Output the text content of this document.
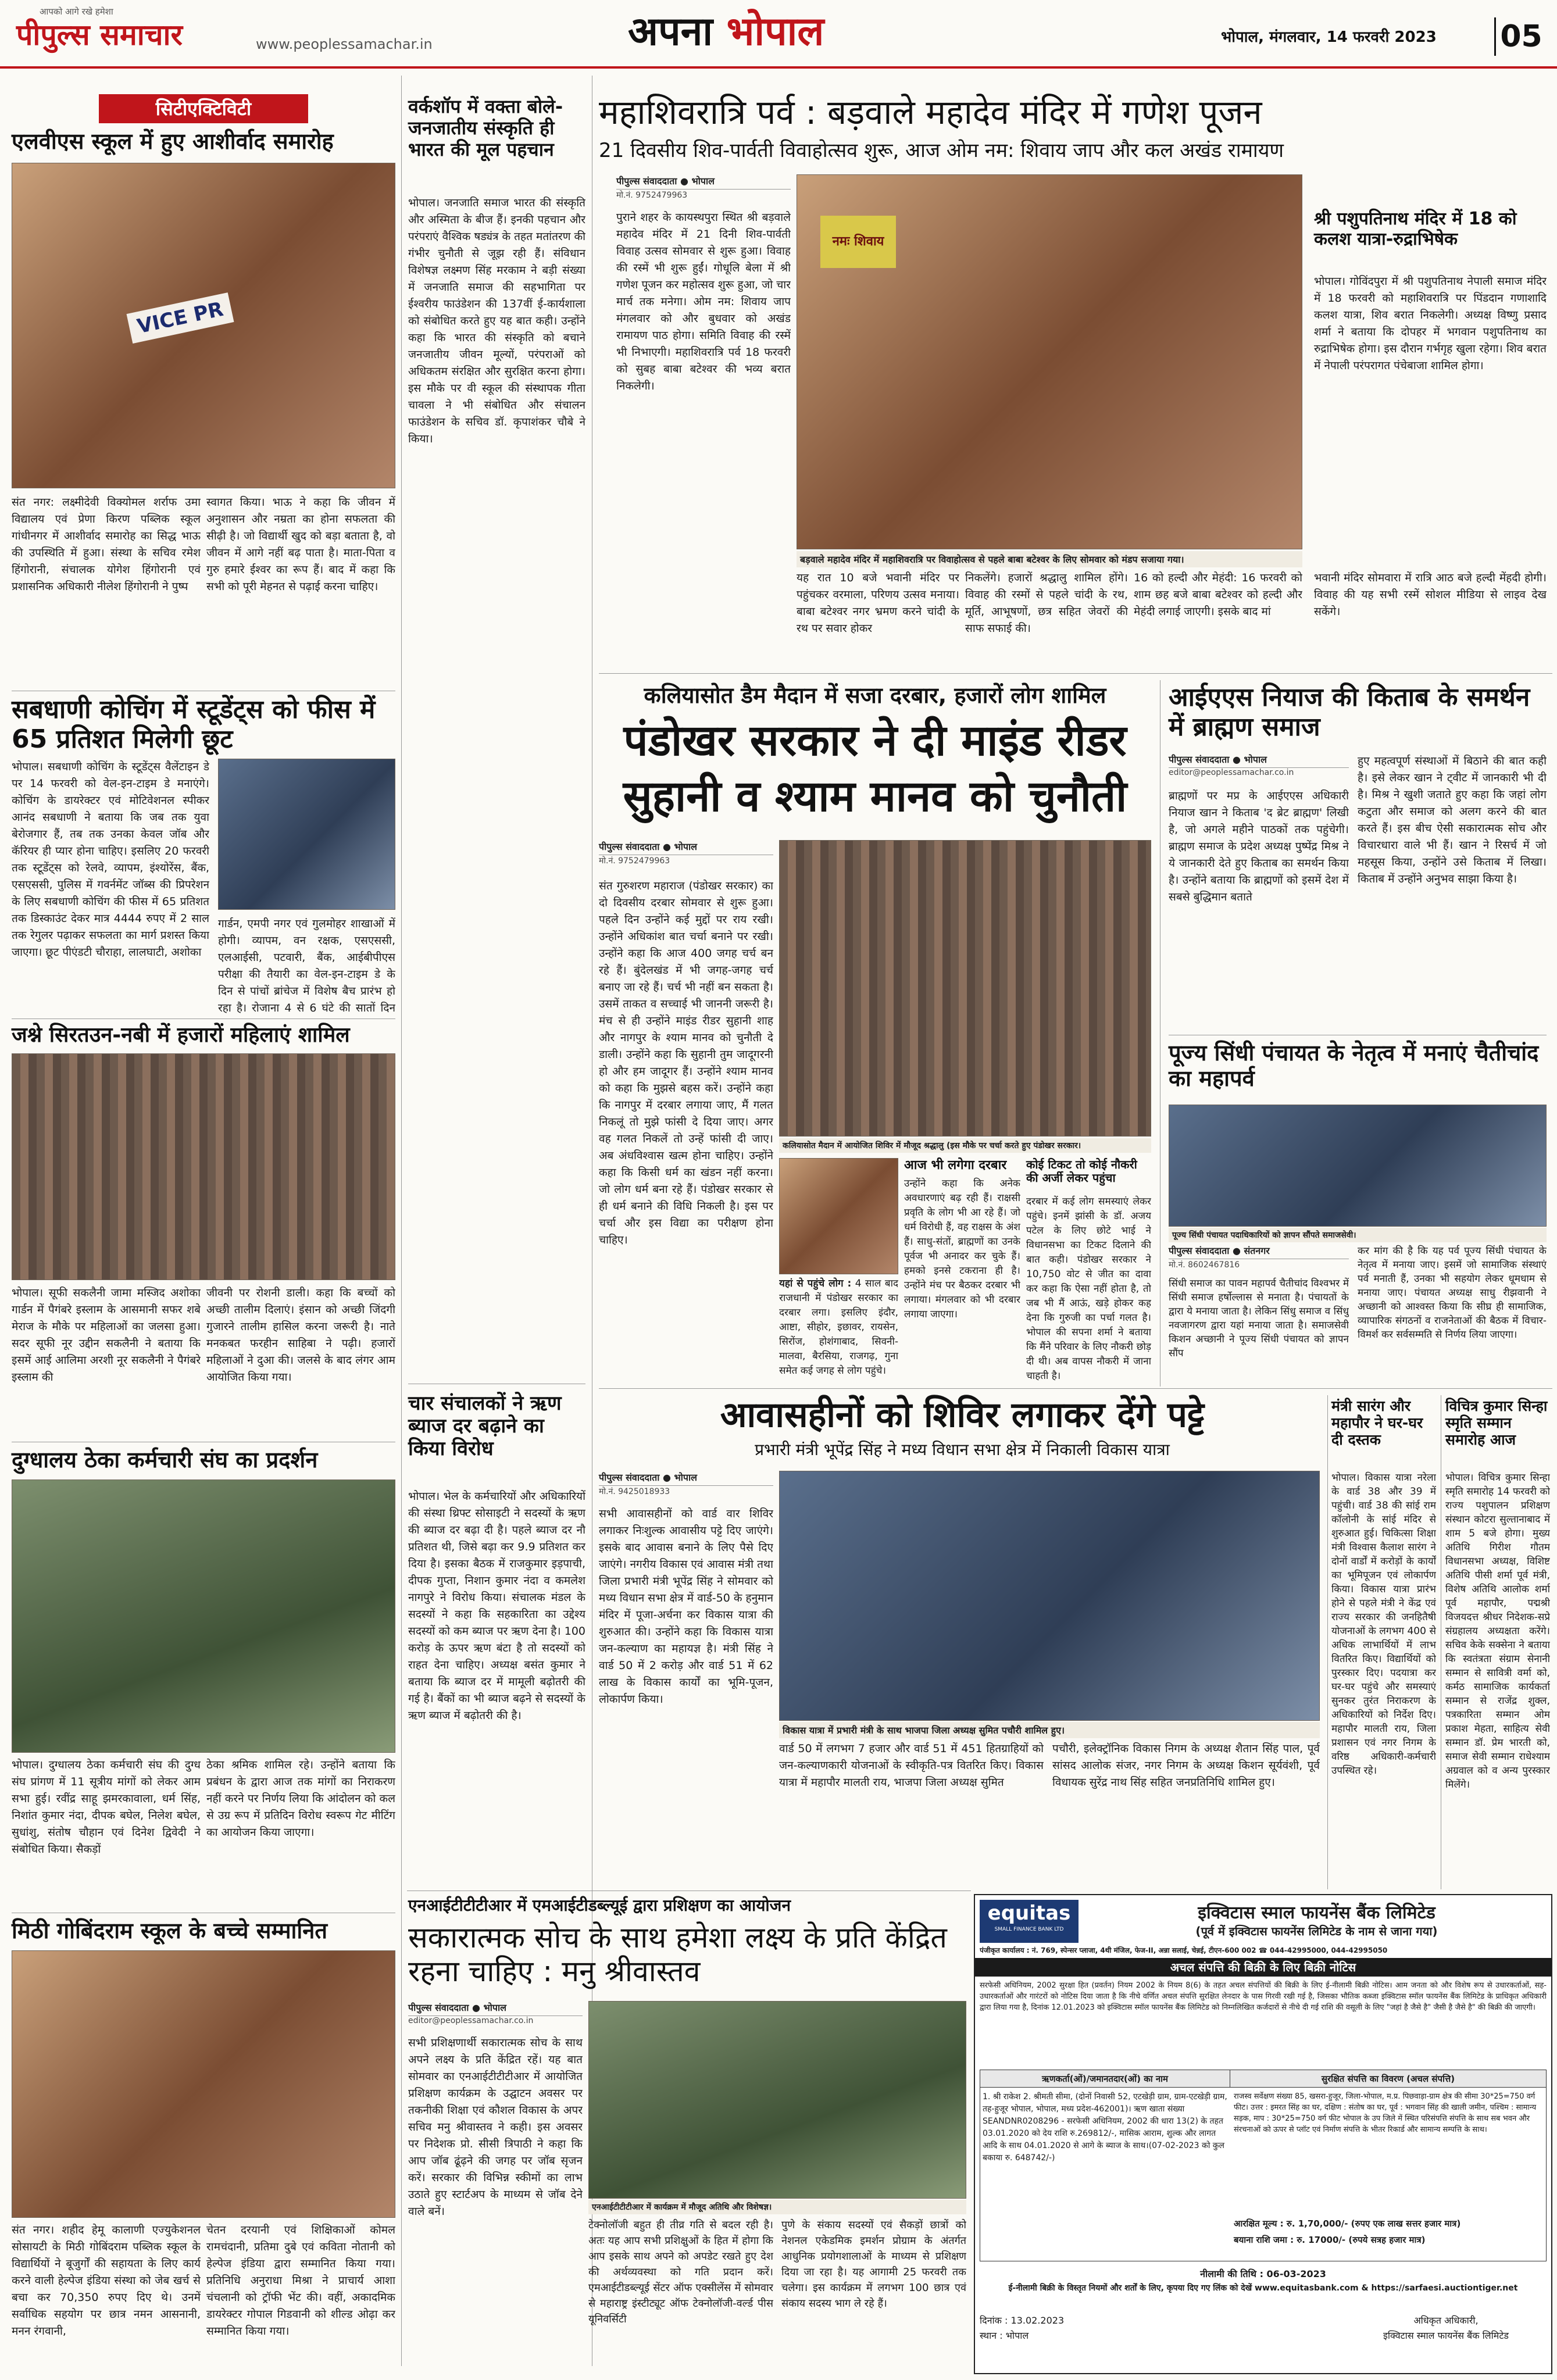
आपको आगे रखे हमेशा
पीपुल्स समाचार	www.peoplessamachar.in	अपना भोपाल	भोपाल, मंगलवार, 14 फरवरी 2023 05
सिटीएक्टिविटी
एलवीएस स्कूल में हुए आशीर्वाद समारोह
VICE PR

संत नगर: लक्ष्मीदेवी विक्योमल शर्राफ उमा विद्यालय एवं प्रेणा किरण पब्लिक स्कूल गांधीनगर में आशीर्वाद समारोह का सिद्ध भाऊ की उपस्थिति में हुआ। संस्था के सचिव रमेश हिंगोरानी, संचालक योगेश हिंगोरानी एवं प्रशासनिक अधिकारी नीलेश हिंगोरानी ने पुष्प

स्वागत किया। भाऊ ने कहा कि जीवन में अनुशासन और नम्रता का होना सफलता की सीढ़ी है। जो विद्यार्थी खुद को बड़ा बताता है, वो जीवन में आगे नहीं बढ़ पाता है। माता-पिता व गुरु हमारे ईश्वर का रूप हैं। बाद में कहा कि सभी को पूरी मेहनत से पढ़ाई करना चाहिए।

सबधाणी कोचिंग में स्टूडेंट्स को फीस में 65 प्रतिशत मिलेगी छूट

भोपाल। सबधाणी कोचिंग के स्टूडेंट्स वैलेंटाइन डे पर 14 फरवरी को वेल-इन-टाइम डे मनाएंगे। कोचिंग के डायरेक्टर एवं मोटिवेशनल स्पीकर आनंद सबधाणी ने बताया कि जब तक युवा बेरोजगार हैं, तब तक उनका केवल जॉब और कॅरियर ही प्यार होना चाहिए। इसलिए 20 फरवरी तक स्टूडेंट्स को रेलवे, व्यापम, इंश्योरेंस, बैंक, एसएससी, पुलिस में गवर्नमेंट जॉब्स की प्रिपरेशन के लिए सबधाणी कोचिंग की फीस में 65 प्रतिशत तक डिस्काउंट देकर मात्र 4444 रुपए में 2 साल तक रेगुलर पढ़ाकर सफलता का मार्ग प्रशस्त किया जाएगा। छूट पीएंडटी चौराहा, लालघाटी, अशोका

गार्डन, एमपी नगर एवं गुलमोहर शाखाओं में होगी। व्यापम, वन रक्षक, एसएससी, एलआईसी, पटवारी, बैंक, आईबीपीएस परीक्षा की तैयारी का वेल-इन-टाइम डे के दिन से पांचों ब्रांचेज में विशेष बैच प्रारंभ हो रहा है। रोजाना 4 से 6 घंटे की सातों दिन

जश्ने सिरतउन-नबी में हजारों महिलाएं शामिल

भोपाल। सूफी सकलैनी जामा मस्जिद अशोका गार्डन में पैगंबरे इस्लाम के आसमानी सफर शबे मेराज के मौके पर महिलाओं का जलसा हुआ। सदर सूफी नूर उद्दीन सकलैनी ने बताया कि इसमें आई आलिमा अरशी नूर सकलैनी ने पैगंबरे इस्लाम की

जीवनी पर रोशनी डाली। कहा कि बच्चों को अच्छी तालीम दिलाएं। इंसान को अच्छी जिंदगी गुजारने तालीम हासिल करना जरूरी है। नाते मनकबत फरहीन साहिबा ने पढ़ी। हजारों महिलाओं ने दुआ की। जलसे के बाद लंगर आम आयोजित किया गया।

दुग्धालय ठेका कर्मचारी संघ का प्रदर्शन

भोपाल। दुग्धालय ठेका कर्मचारी संघ की दुग्ध संघ प्रांगण में 11 सूत्रीय मांगों को लेकर आम सभा हुई। रवींद्र साहू झमरकावाला, धर्म सिंह, निशांत कुमार नंदा, दीपक बघेल, निलेश बघेल, सुधांशु, संतोष चौहान एवं दिनेश द्विवेदी ने संबोधित किया। सैकड़ों

ठेका श्रमिक शामिल रहे। उन्होंने बताया कि प्रबंधन के द्वारा आज तक मांगों का निराकरण नहीं करने पर निर्णय लिया कि आंदोलन को कल से उग्र रूप में प्रतिदिन विरोध स्वरूप गेट मीटिंग का आयोजन किया जाएगा।

मिठी गोबिंदराम स्कूल के बच्चे सम्मानित

संत नगर। शहीद हेमू कालाणी एज्युकेशनल सोसायटी के मिठी गोबिंदराम पब्लिक स्कूल के विद्यार्थियों ने बूजुर्गों की सहायता के लिए कार्य करने वाली हेल्पेज इंडिया संस्था को जेब खर्च से बचा कर 70,350 रुपए दिए थे। उनमें सर्वाधिक सहयोग पर छात्र नमन आसनानी, मनन रंगवानी,

चेतन दरयानी एवं शिक्षिकाओं कोमल रामचंदानी, प्रतिमा दुबे एवं कविता नोतानी को हेल्पेज इंडिया द्वारा सम्मानित किया गया। प्रतिनिधि अनुराधा मिश्रा ने प्राचार्य आशा चंचलानी को ट्रॉफी भेंट की। वहीं, अकादमिक डायरेक्टर गोपाल गिडवानी को शील्ड ओढ़ा कर सम्मानित किया गया।

वर्कशॉप में वक्ता बोले- जनजातीय संस्कृति ही भारत की मूल पहचान

भोपाल। जनजाति समाज भारत की संस्कृति और अस्मिता के बीज हैं। इनकी पहचान और परंपराएं वैश्विक षड्यंत्र के तहत मतांतरण की गंभीर चुनौती से जूझ रही हैं। संविधान विशेषज्ञ लक्ष्मण सिंह मरकाम ने बड़ी संख्या में जनजाति समाज की सहभागिता पर ईश्वरीय फाउंडेशन की 137वीं ई-कार्यशाला को संबोधित करते हुए यह बात कही। उन्होंने कहा कि भारत की संस्कृति को बचाने जनजातीय जीवन मूल्यों, परंपराओं को अधिकतम संरक्षित और सुरक्षित करना होगा। इस मौके पर वी स्कूल की संस्थापक गीता चावला ने भी संबोधित और संचालन फाउंडेशन के सचिव डॉ. कृपाशंकर चौबे ने किया।

चार संचालकों ने ऋण ब्याज दर बढ़ाने का किया विरोध

भोपाल। भेल के कर्मचारियों और अधिकारियों की संस्था थ्रिफ्ट सोसाइटी ने सदस्यों के ऋण की ब्याज दर बढ़ा दी है। पहले ब्याज दर नौ प्रतिशत थी, जिसे बढ़ा कर 9.9 प्रतिशत कर दिया है। इसका बैठक में राजकुमार इड़पाची, दीपक गुप्ता, निशान कुमार नंदा व कमलेश नागपुरे ने विरोध किया। संचालक मंडल के सदस्यों ने कहा कि सहकारिता का उद्देश्य सदस्यों को कम ब्याज पर ऋण देना है। 100 करोड़ के ऊपर ऋण बंटा है तो सदस्यों को राहत देना चाहिए। अध्यक्ष बसंत कुमार ने बताया कि ब्याज दर में मामूली बढ़ोतरी की गई है। बैंकों का भी ब्याज बढ़ने से सदस्यों के ऋण ब्याज में बढ़ोतरी की है।

महाशिवरात्रि पर्व : बड़वाले महादेव मंदिर में गणेश पूजन
21 दिवसीय शिव-पार्वती विवाहोत्सव शुरू, आज ओम नम: शिवाय जाप और कल अखंड रामायण
पीपुल्स संवाददाता ● भोपाल
मो.नं. 9752479963

पुराने शहर के कायस्थपुरा स्थित श्री बड़वाले महादेव मंदिर में 21 दिनी शिव-पार्वती विवाह उत्सव सोमवार से शुरू हुआ। विवाह की रस्में भी शुरू हुईं। गोधूलि बेला में श्री गणेश पूजन कर महोत्सव शुरू हुआ, जो चार मार्च तक मनेगा। ओम नम: शिवाय जाप मंगलवार को और बुधवार को अखंड रामायण पाठ होगा। समिति विवाह की रस्में भी निभाएगी। महाशिवरात्रि पर्व 18 फरवरी को सुबह बाबा बटेश्वर की भव्य बरात निकलेगी।

नमः शिवाय
बड़वाले महादेव मंदिर में महाशिवरात्रि पर विवाहोत्सव से पहले बाबा बटेश्वर के लिए सोमवार को मंडप सजाया गया।

यह रात 10 बजे भवानी मंदिर पर पहुंचकर वरमाला, परिणय उत्सव मनाया। बाबा बटेश्वर नगर भ्रमण करने चांदी के रथ पर सवार होकर

निकलेंगे। हजारों श्रद्धालु शामिल होंगे। विवाह की रस्मों से पहले चांदी के रथ, मूर्ति, आभूषणों, छत्र सहित जेवरों की साफ सफाई की।

16 को हल्दी और मेहंदी: 16 फरवरी को शाम छह बजे बाबा बटेश्वर को हल्दी और मेहंदी लगाई जाएगी। इसके बाद मां

श्री पशुपतिनाथ मंदिर में 18 को कलश यात्रा-रुद्राभिषेक

भोपाल। गोविंदपुरा में श्री पशुपतिनाथ नेपाली समाज मंदिर में 18 फरवरी को महाशिवरात्रि पर पिंडदान गणाशादि कलश यात्रा, शिव बरात निकलेगी। अध्यक्ष विष्णु प्रसाद शर्मा ने बताया कि दोपहर में भगवान पशुपतिनाथ का रुद्राभिषेक होगा। इस दौरान गर्भगृह खुला रहेगा। शिव बरात में नेपाली परंपरागत पंचेबाजा शामिल होगा।

भवानी मंदिर सोमवारा में रात्रि आठ बजे हल्दी मेंहदी होगी। विवाह की यह सभी रस्में सोशल मीडिया से लाइव देख सकेंगे।

कलियासोत डैम मैदान में सजा दरबार, हजारों लोग शामिल
पंडोखर सरकार ने दी माइंड रीडर
सुहानी व श्याम मानव को चुनौती
पीपुल्स संवाददाता ● भोपाल
मो.नं. 9752479963

संत गुरुशरण महाराज (पंडोखर सरकार) का दो दिवसीय दरबार सोमवार से शुरू हुआ। पहले दिन उन्होंने कई मुद्दों पर राय रखी। उन्होंने अधिकांश बात चर्चा बनाने पर रखी। उन्होंने कहा कि आज 400 जगह चर्च बन रहे हैं। बुंदेलखंड में भी जगह-जगह चर्च बनाए जा रहे हैं। चर्च भी नहीं बन सकता है। उसमें ताकत व सच्चाई भी जाननी जरूरी है। मंच से ही उन्होंने माइंड रीडर सुहानी शाह और नागपुर के श्याम मानव को चुनौती दे डाली। उन्होंने कहा कि सुहानी तुम जादूगरनी हो और हम जादूगर हैं। उन्होंने श्याम मानव को कहा कि मुझसे बहस करें। उन्होंने कहा कि नागपुर में दरबार लगाया जाए, मैं गलत निकलूं तो मुझे फांसी दे दिया जाए। अगर वह गलत निकलें तो उन्हें फांसी दी जाए। अब अंधविश्वास खत्म होना चाहिए। उन्होंने कहा कि किसी धर्म का खंडन नहीं करना। जो लोग धर्म बना रहे हैं। पंडोखर सरकार से ही धर्म बनाने की विधि निकली है। इस पर चर्चा और इस विद्या का परीक्षण होना चाहिए।

कलियासोत मैदान में आयोजित शिविर में मौजूद श्रद्धालु (इस मौके पर चर्चा करते हुए पंडोखर सरकार।

यहां से पहुंचे लोग : 4 साल बाद राजधानी में पंडोखर सरकार का दरबार लगा। इसलिए इंदौर, आष्टा, सीहोर, इछावर, रायसेन, सिरोंज, होशंगाबाद, सिवनी-मालवा, बैरसिया, राजगढ़, गुना समेत कई जगह से लोग पहुंचे।

आज भी लगेगा दरबार

उन्होंने कहा कि अनेक अवधारणाएं बढ़ रही हैं। राक्षसी प्रवृति के लोग भी आ रहे हैं। जो धर्म विरोधी हैं, वह राक्षस के अंश हैं। साधु-संतों, ब्राह्मणों का उनके पूर्वज भी अनादर कर चुके हैं। हमको इनसे टकराना ही है। उन्होंने मंच पर बैठकर दरबार भी लगाया। मंगलवार को भी दरबार लगाया जाएगा।

कोई टिकट तो कोई नौकरी की अर्जी लेकर पहुंचा

दरबार में कई लोग समस्याएं लेकर पहुंचे। इनमें झांसी के डॉ. अजय पटेल के लिए छोटे भाई ने विधानसभा का टिकट दिलाने की बात कही। पंडोखर सरकार ने 10,750 वोट से जीत का दावा कर कहा कि ऐसा नहीं होता है, तो जब भी मैं आऊं, खड़े होकर कह देना कि गुरुजी का पर्चा गलत है। भोपाल की सपना शर्मा ने बताया कि मैंने परिवार के लिए नौकरी छोड़ दी थी। अब वापस नौकरी में जाना चाहती है।

आईएएस नियाज की किताब के समर्थन में ब्राह्मण समाज
पीपुल्स संवाददाता ● भोपाल
editor@peoplessamachar.co.in

ब्राह्मणों पर मप्र के आईएएस अधिकारी नियाज खान ने किताब 'द ब्रेट ब्राह्मण' लिखी है, जो अगले महीने पाठकों तक पहुंचेगी। ब्राह्मण समाज के प्रदेश अध्यक्ष पुष्पेंद्र मिश्र ने ये जानकारी देते हुए किताब का समर्थन किया है। उन्होंने बताया कि ब्राह्मणों को इसमें देश में सबसे बुद्धिमान बताते

हुए महत्वपूर्ण संस्थाओं में बिठाने की बात कही है। इसे लेकर खान ने ट्वीट में जानकारी भी दी है। मिश्र ने खुशी जताते हुए कहा कि जहां लोग कटुता और समाज को अलग करने की बात करते हैं। इस बीच ऐसी सकारात्मक सोच और विचारधारा वाले भी हैं। खान ने रिसर्च में जो महसूस किया, उन्होंने उसे किताब में लिखा। किताब में उन्होंने अनुभव साझा किया है।

पूज्य सिंधी पंचायत के नेतृत्व में मनाएं चैतीचांद का महापर्व
पूज्य सिंधी पंचायत पदाधिकारियों को ज्ञापन सौंपते समाजसेवी।
पीपुल्स संवाददाता ● संतनगर
मो.नं. 8602467816

सिंधी समाज का पावन महापर्व चैतीचांद विश्वभर में सिंधी समाज हर्षोल्लास से मनाता है। पंचायतों के द्वारा ये मनाया जाता है। लेकिन सिंधु समाज व सिंधु नवजागरण द्वारा यहां मनाया जाता है। समाजसेवी किशन अच्छानी ने पूज्य सिंधी पंचायत को ज्ञापन सौंप

कर मांग की है कि यह पर्व पूज्य सिंधी पंचायत के नेतृत्व में मनाया जाए। इसमें जो सामाजिक संस्थाएं पर्व मनाती हैं, उनका भी सहयोग लेकर धूमधाम से मनाया जाए। पंचायत अध्यक्ष साधु रीझवानी ने अच्छानी को आश्वस्त किया कि सीघ्र ही सामाजिक, व्यापारिक संगठनों व राजनेताओं की बैठक में विचार-विमर्श कर सर्वसम्मति से निर्णय लिया जाएगा।

आवासहीनों को शिविर लगाकर देंगे पट्टे
प्रभारी मंत्री भूपेंद्र सिंह ने मध्य विधान सभा क्षेत्र में निकाली विकास यात्रा
पीपुल्स संवाददाता ● भोपाल
मो.नं. 9425018933

सभी आवासहीनों को वार्ड वार शिविर लगाकर निःशुल्क आवासीय पट्टे दिए जाएंगे। इसके बाद आवास बनाने के लिए पैसे दिए जाएंगे। नगरीय विकास एवं आवास मंत्री तथा जिला प्रभारी मंत्री भूपेंद्र सिंह ने सोमवार को मध्य विधान सभा क्षेत्र में वार्ड-50 के हनुमान मंदिर में पूजा-अर्चना कर विकास यात्रा की शुरुआत की। उन्होंने कहा कि विकास यात्रा जन-कल्याण का महायज्ञ है। मंत्री सिंह ने वार्ड 50 में 2 करोड़ और वार्ड 51 में 62 लाख के विकास कार्यों का भूमि-पूजन, लोकार्पण किया।

विकास यात्रा में प्रभारी मंत्री के साथ भाजपा जिला अध्यक्ष सुमित पचौरी शामिल हुए।

वार्ड 50 में लगभग 7 हजार और वार्ड 51 में 451 हितग्राहियों को जन-कल्याणकारी योजनाओं के स्वीकृति-पत्र वितरित किए। विकास यात्रा में महापौर मालती राय, भाजपा जिला अध्यक्ष सुमित

पचौरी, इलेक्ट्रॉनिक विकास निगम के अध्यक्ष शैतान सिंह पाल, पूर्व सांसद आलोक संजर, नगर निगम के अध्यक्ष किशन सूर्यवंशी, पूर्व विधायक सुरेंद्र नाथ सिंह सहित जनप्रतिनिधि शामिल हुए।

मंत्री सारंग और महापौर ने घर-घर दी दस्तक

भोपाल। विकास यात्रा नरेला के वार्ड 38 और 39 में पहुंची। वार्ड 38 की सांई राम कॉलोनी के सांई मंदिर से शुरुआत हुई। चिकित्सा शिक्षा मंत्री विश्वास कैलाश सारंग ने दोनों वार्डों में करोड़ों के कार्यों का भूमिपूजन एवं लोकार्पण किया। विकास यात्रा प्रारंभ होने से पहले मंत्री ने केंद्र एवं राज्य सरकार की जनहितैषी योजनाओं के लगभग 400 से अधिक लाभार्थियों में लाभ वितरित किए। विद्यार्थियों को पुरस्कार दिए। पदयात्रा कर घर-घर पहुंचे और समस्याएं सुनकर तुरंत निराकरण के अधिकारियों को निर्देश दिए। महापौर मालती राय, जिला प्रशासन एवं नगर निगम के वरिष्ठ अधिकारी-कर्मचारी उपस्थित रहे।

विचित्र कुमार सिन्हा स्मृति सम्मान समारोह आज

भोपाल। विचित्र कुमार सिन्हा स्मृति समारोह 14 फरवरी को राज्य पशुपालन प्रशिक्षण संस्थान कोटरा सुल्तानाबाद में शाम 5 बजे होगा। मुख्य अतिथि गिरीश गौतम विधानसभा अध्यक्ष, विशिष्ट अतिथि पीसी शर्मा पूर्व मंत्री, विशेष अतिथि आलोक शर्मा पूर्व महापौर, पद्मश्री विजयदत्त श्रीधर निदेशक-सप्रे संग्रहालय अध्यक्षता करेंगे। सचिव केके सक्सेना ने बताया कि स्वतंत्रता संग्राम सेनानी सम्मान से सावित्री वर्मा को, कर्मठ सामाजिक कार्यकर्ता सम्मान से राजेंद्र शुक्ल, पत्रकारिता सम्मान ओम प्रकाश मेहता, साहित्य सेवी सम्मान डॉ. प्रेम भारती को, समाज सेवी सम्मान राधेश्याम अग्रवाल को व अन्य पुरस्कार मिलेंगे।

एनआईटीटीटीआर में एमआईटीडब्ल्यूई द्वारा प्रशिक्षण का आयोजन
सकारात्मक सोच के साथ हमेशा लक्ष्य के प्रति केंद्रित रहना चाहिए : मनु श्रीवास्तव
पीपुल्स संवाददाता ● भोपाल
editor@peoplessamachar.co.in

सभी प्रशिक्षणार्थी सकारात्मक सोच के साथ अपने लक्ष्य के प्रति केंद्रित रहें। यह बात सोमवार का एनआईटीटीटीआर में आयोजित प्रशिक्षण कार्यक्रम के उद्घाटन अवसर पर तकनीकी शिक्षा एवं कौशल विकास के अपर सचिव मनु श्रीवास्तव ने कही। इस अवसर पर निदेशक प्रो. सीसी त्रिपाठी ने कहा कि आप जॉब ढूंढ़ने की जगह पर जॉब सृजन करें। सरकार की विभिन्न स्कीमों का लाभ उठाते हुए स्टार्टअप के माध्यम से जॉब देने वाले बनें।	एनआईटीटीटीआर में कार्यक्रम में मौजूद अतिथि और विशेषज्ञ।

टेक्नोलॉजी बहुत ही तीव्र गति से बदल रही है। अतः यह आप सभी प्रशिक्षुओं के हित में होगा कि आप इसके साथ अपने को अपडेट रखते हुए देश की अर्थव्यवस्था को गति प्रदान करें। एमआईटीडब्ल्यूई सेंटर ऑफ एक्सीलेंस में सोमवार से महाराष्ट्र इंस्टीट्यूट ऑफ टेक्नोलॉजी-वर्ल्ड पीस यूनिवर्सिटी

पुणे के संकाय सदस्यों एवं सैकड़ों छात्रों को नेशनल एकेडमिक इमर्शन प्रोग्राम के अंतर्गत आधुनिक प्रयोगशालाओं के माध्यम से प्रशिक्षण दिया जा रहा है। यह आगामी 25 फरवरी तक चलेगा। इस कार्यक्रम में लगभग 100 छात्र एवं संकाय सदस्य भाग ले रहे हैं।

equitas
SMALL FINANCE BANK LTD
इक्विटास स्माल फायनेंस बैंक लिमिटेड
(पूर्व में इक्विटास फायनेंस लिमिटेड के नाम से जाना गया)
पंजीकृत कार्यालय : नं. 769, स्पेन्सर प्लाजा, 4थी मंजिल, फेज-II, अन्ना सलाई, चेन्नई, टीएन-600 002 ☎ 044-42995000, 044-42995050
अचल संपत्ति की बिक्री के लिए बिक्री नोटिस
सरफेसी अधिनियम, 2002 सुरक्षा हित (प्रवर्तन) नियम 2002 के नियम 8(6) के तहत अचल संपत्तियों की बिक्री के लिए ई-नीलामी बिक्री नोटिस। आम जनता को और विशेष रूप से उधारकर्ताओं, सह-उधारकर्ताओं और गारंटरों को नोटिस दिया जाता है कि नीचे वर्णित अचल संपत्ति सुरक्षित लेनदार के पास गिरवी रखी गई है, जिसका भौतिक कब्जा इक्विटास स्मॉल फायनेंस बैंक लिमिटेड के प्राधिकृत अधिकारी द्वारा लिया गया है, दिनांक 12.01.2023 को इक्विटास स्मॉल फायनेंस बैंक लिमिटेड को निम्नलिखित कर्जदारों से नीचे दी गई राशि की वसूली के लिए "जहां है जैसे है" जैसी है जैसे है" की बिक्री की जाएगी।
ऋणकर्ता(ओं)/जमानतदार(ओं) का नाम	सुरक्षित संपत्ति का विवरण (अचल संपत्ति)
1. श्री राकेश 2. श्रीमती सीमा, (दोनों निवासी 52, एटखेड़ी ग्राम, ग्राम-एटखेड़ी ग्राम, तह-हुजूर भोपाल, भोपाल, मध्य प्रदेश-462001)। ऋण खाता संख्या SEANDNR0208296 - सरफेसी अधिनियम, 2002 की धारा 13(2) के तहत 03.01.2020 को देय राशि रु.269812/-, मासिक आराम, शुल्क और लागत आदि के साथ 04.01.2020 से आगे के ब्याज के साथ।(07-02-2023 को कुल बकाया रु. 648742/-)
राजस्व सर्वेक्षण संख्या 85, खसरा-हुजूर, जिला-भोपाल, म.प्र. पिछवाड़ा-ग्राम क्षेत्र की सीमा 30*25=750 वर्ग फीट। उत्तर : इमरत सिंह का घर, दक्षिण : संतोष का घर, पूर्व : भगवान सिंह की खाली जमीन, पश्चिम : सामान्य सड़क, माप : 30*25=750 वर्ग फीट भोपाल के उप जिले में स्थित परिसंपत्ति संपत्ति के साथ सब भवन और संरचनाओं को ऊपर से प्लॉट एवं निर्माण संपत्ति के भीतर रिकार्ड और सामान्य सम्पत्ति के साथ।
आरक्षित मूल्य : रु. 1,70,000/- (रुपए एक लाख सत्तर हजार मात्र)
बयाना राशि जमा : रु. 17000/- (रुपये सत्रह हजार मात्र)
नीलामी की तिथि : 06-03-2023
ई-नीलामी बिक्री के विस्तृत नियमों और शर्तों के लिए, कृपया दिए गए लिंक को देखें www.equitasbank.com & https://sarfaesi.auctiontiger.net
दिनांक : 13.02.2023
स्थान : भोपाल
अधिकृत अधिकारी,
इक्विटास स्माल फायनेंस बैंक लिमिटेड
